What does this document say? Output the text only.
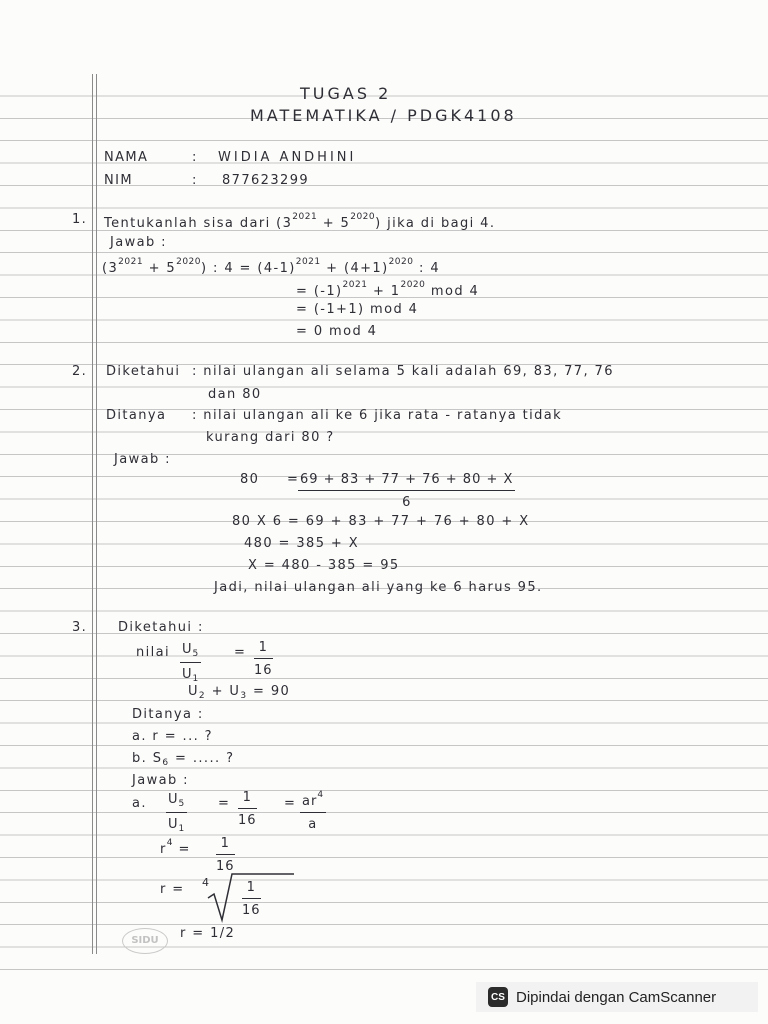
TUGAS 2
MATEMATIKA / PDGK4108
NAMA	: WIDIA ANDHINI
NIM	: 877623299
1. Tentukanlah sisa dari $(3^{2021} + 5^{2020})$ jika di bagi 4.
Jawab :
$(3^{2021} + 5^{2020})$ : $4 = (4-1)^{2021} + (4+1)^{2020}$ : 4
= $(-1)^{2021} + 1^{2020}$ mod 4
= (-1+1) mod 4
= 0 mod 4
2. Diketahui : nilai ulangan ali selama 5 kali adalah 69, 83, 77, 76
dan 80
Ditanya : nilai ulangan ali ke 6 jika rata - ratanya tidak
kurang dari 80 ?
Jawab :
80     =
$\frac{69 + 83 + 77 + 76 + 80 + X}{6}$
80 X 6 = 69 + 83 + 77 + 76 + 80 + X
480 = 385 + X
X = 480 - 385 = 95
Jadi, nilai ulangan ali yang ke 6 harus 95.
3. Diketahui :
nilai $\frac{U_5}{U_1}$	= $\frac{1}{16}$
$U_2 + U_3 = 90$
Ditanya :
a. r = ... ?
b. $S_6$ = ..... ?
Jawab :
a. $\frac{U_5}{U_1} = \frac{1}{16} = \frac{ar^4}{a}$
$r^4 = \frac{1}{16}$
$r = 4 \frac{1}{16}$
r = 1/2
SIDU
CS Dipindai dengan CamScanner
